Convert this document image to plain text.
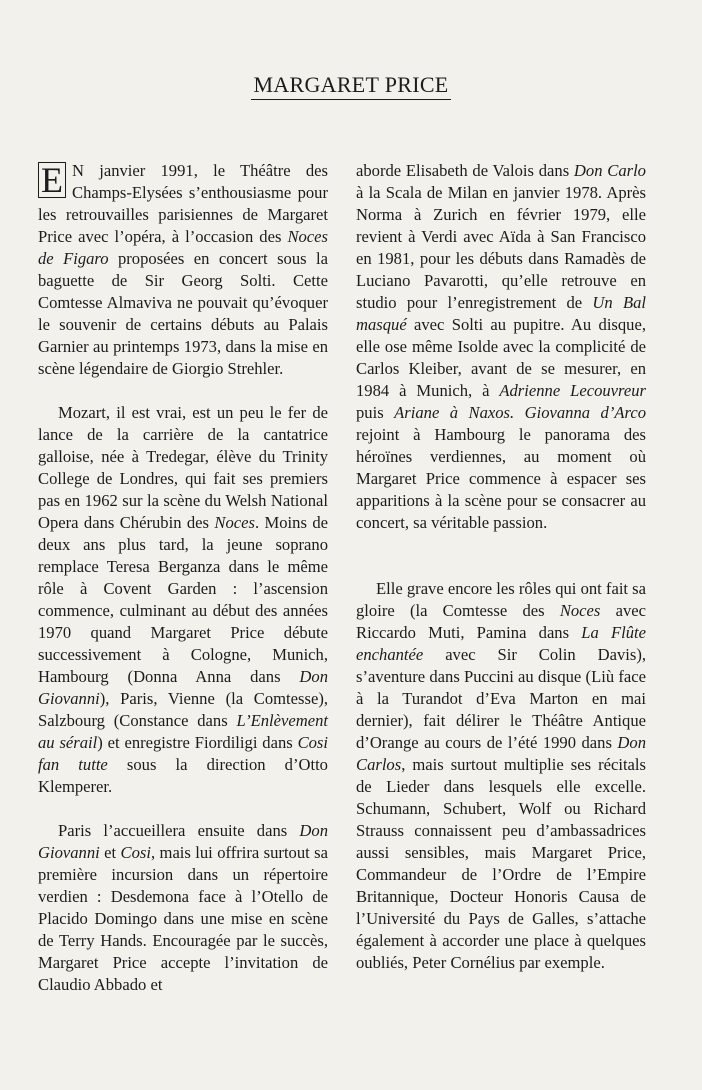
MARGARET PRICE

E N janvier 1991, le Théâtre des Champs-Elysées s’enthousiasme pour les retrouvailles parisiennes de Margaret Price avec l’opéra, à l’occasion des Noces de Figaro proposées en concert sous la baguette de Sir Georg Solti. Cette Comtesse Almaviva ne pouvait qu’évoquer le souvenir de certains débuts au Palais Garnier au printemps 1973, dans la mise en scène légendaire de Giorgio Strehler.

Mozart, il est vrai, est un peu le fer de lance de la carrière de la cantatrice galloise, née à Tredegar, élève du Trinity College de Londres, qui fait ses premiers pas en 1962 sur la scène du Welsh National Opera dans Chérubin des Noces. Moins de deux ans plus tard, la jeune soprano remplace Teresa Berganza dans le même rôle à Covent Garden : l’ascension commence, culminant au début des années 1970 quand Margaret Price débute successivement à Cologne, Munich, Hambourg (Donna Anna dans Don Giovanni), Paris, Vienne (la Comtesse), Salzbourg (Constance dans L’Enlèvement au sérail) et enregistre Fiordiligi dans Cosi fan tutte sous la direction d’Otto Klemperer.

Paris l’accueillera ensuite dans Don Giovanni et Cosi, mais lui offrira surtout sa première incursion dans un répertoire verdien : Desdemona face à l’Otello de Placido Domingo dans une mise en scène de Terry Hands. Encouragée par le succès, Margaret Price accepte l’invitation de Claudio Abbado et

aborde Elisabeth de Valois dans Don Carlo à la Scala de Milan en janvier 1978. Après Norma à Zurich en février 1979, elle revient à Verdi avec Aïda à San Francisco en 1981, pour les débuts dans Ramadès de Luciano Pavarotti, qu’elle retrouve en studio pour l’enregistrement de Un Bal masqué avec Solti au pupitre. Au disque, elle ose même Isolde avec la complicité de Carlos Kleiber, avant de se mesurer, en 1984 à Munich, à Adrienne Lecouvreur puis Ariane à Naxos. Giovanna d’Arco rejoint à Hambourg le panorama des héroïnes verdiennes, au moment où Margaret Price commence à espacer ses apparitions à la scène pour se consacrer au concert, sa véritable passion.

Elle grave encore les rôles qui ont fait sa gloire (la Comtesse des Noces avec Riccardo Muti, Pamina dans La Flûte enchantée avec Sir Colin Davis), s’aventure dans Puccini au disque (Liù face à la Turandot d’Eva Marton en mai dernier), fait délirer le Théâtre Antique d’Orange au cours de l’été 1990 dans Don Carlos, mais surtout multiplie ses récitals de Lieder dans lesquels elle excelle. Schumann, Schubert, Wolf ou Richard Strauss connaissent peu d’ambassadrices aussi sensibles, mais Margaret Price, Commandeur de l’Ordre de l’Empire Britannique, Docteur Honoris Causa de l’Université du Pays de Galles, s’attache également à accorder une place à quelques oubliés, Peter Cornélius par exemple.
